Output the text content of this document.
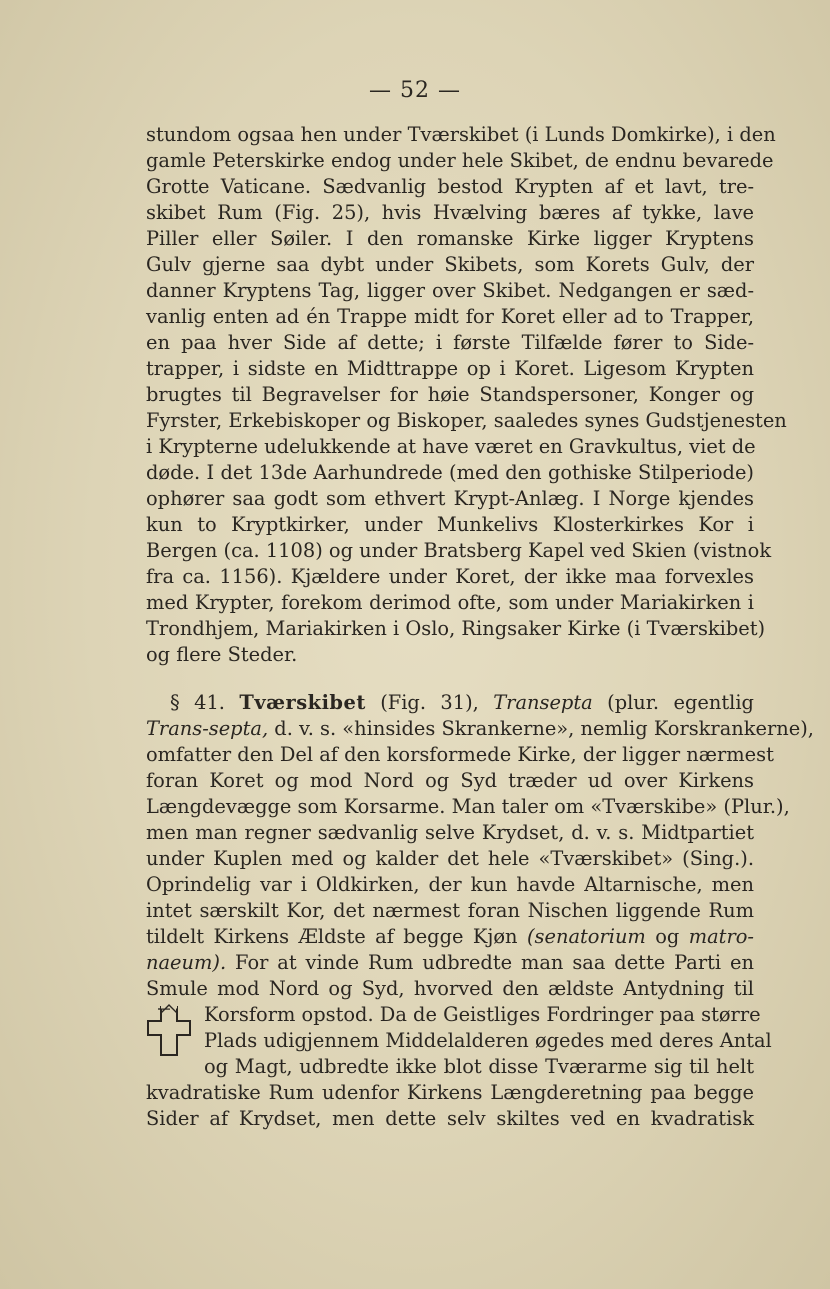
— 52 —
stundom ogsaa hen under Tværskibet (i Lunds Domkirke), i den
gamle Peterskirke endog under hele Skibet, de endnu bevarede
Grotte Vaticane. Sædvanlig bestod Krypten af et lavt, tre-
skibet Rum (Fig. 25), hvis Hvælving bæres af tykke, lave
Piller eller Søiler. I den romanske Kirke ligger Kryptens
Gulv gjerne saa dybt under Skibets, som Korets Gulv, der
danner Kryptens Tag, ligger over Skibet. Nedgangen er sæd-
vanlig enten ad én Trappe midt for Koret eller ad to Trapper,
en paa hver Side af dette; i første Tilfælde fører to Side-
trapper, i sidste en Midttrappe op i Koret. Ligesom Krypten
brugtes til Begravelser for høie Standspersoner, Konger og
Fyrster, Erkebiskoper og Biskoper, saaledes synes Gudstjenesten
i Krypterne udelukkende at have været en Gravkultus, viet de
døde. I det 13de Aarhundrede (med den gothiske Stilperiode)
ophører saa godt som ethvert Krypt-Anlæg. I Norge kjendes
kun to Kryptkirker, under Munkelivs Klosterkirkes Kor i
Bergen (ca. 1108) og under Bratsberg Kapel ved Skien (vistnok
fra ca. 1156). Kjældere under Koret, der ikke maa forvexles
med Krypter, forekom derimod ofte, som under Mariakirken i
Trondhjem, Mariakirken i Oslo, Ringsaker Kirke (i Tværskibet)
og flere Steder.
§ 41. Tværskibet (Fig. 31), Transepta (plur. egentlig
Trans-septa, d. v. s. «hinsides Skrankerne», nemlig Korskrankerne),
omfatter den Del af den korsformede Kirke, der ligger nærmest
foran Koret og mod Nord og Syd træder ud over Kirkens
Længdevægge som Korsarme. Man taler om «Tværskibe» (Plur.),
men man regner sædvanlig selve Krydset, d. v. s. Midtpartiet
under Kuplen med og kalder det hele «Tværskibet» (Sing.).
Oprindelig var i Oldkirken, der kun havde Altarnische, men
intet særskilt Kor, det nærmest foran Nischen liggende Rum
tildelt Kirkens Ældste af begge Kjøn (senatorium og matro-
naeum). For at vinde Rum udbredte man saa dette Parti en
Smule mod Nord og Syd, hvorved den ældste Antydning til
Korsform opstod. Da de Geistliges Fordringer paa større
Plads udigjennem Middelalderen øgedes med deres Antal
og Magt, udbredte ikke blot disse Tværarme sig til helt
kvadratiske Rum udenfor Kirkens Længderetning paa begge
Sider af Krydset, men dette selv skiltes ved en kvadratisk
